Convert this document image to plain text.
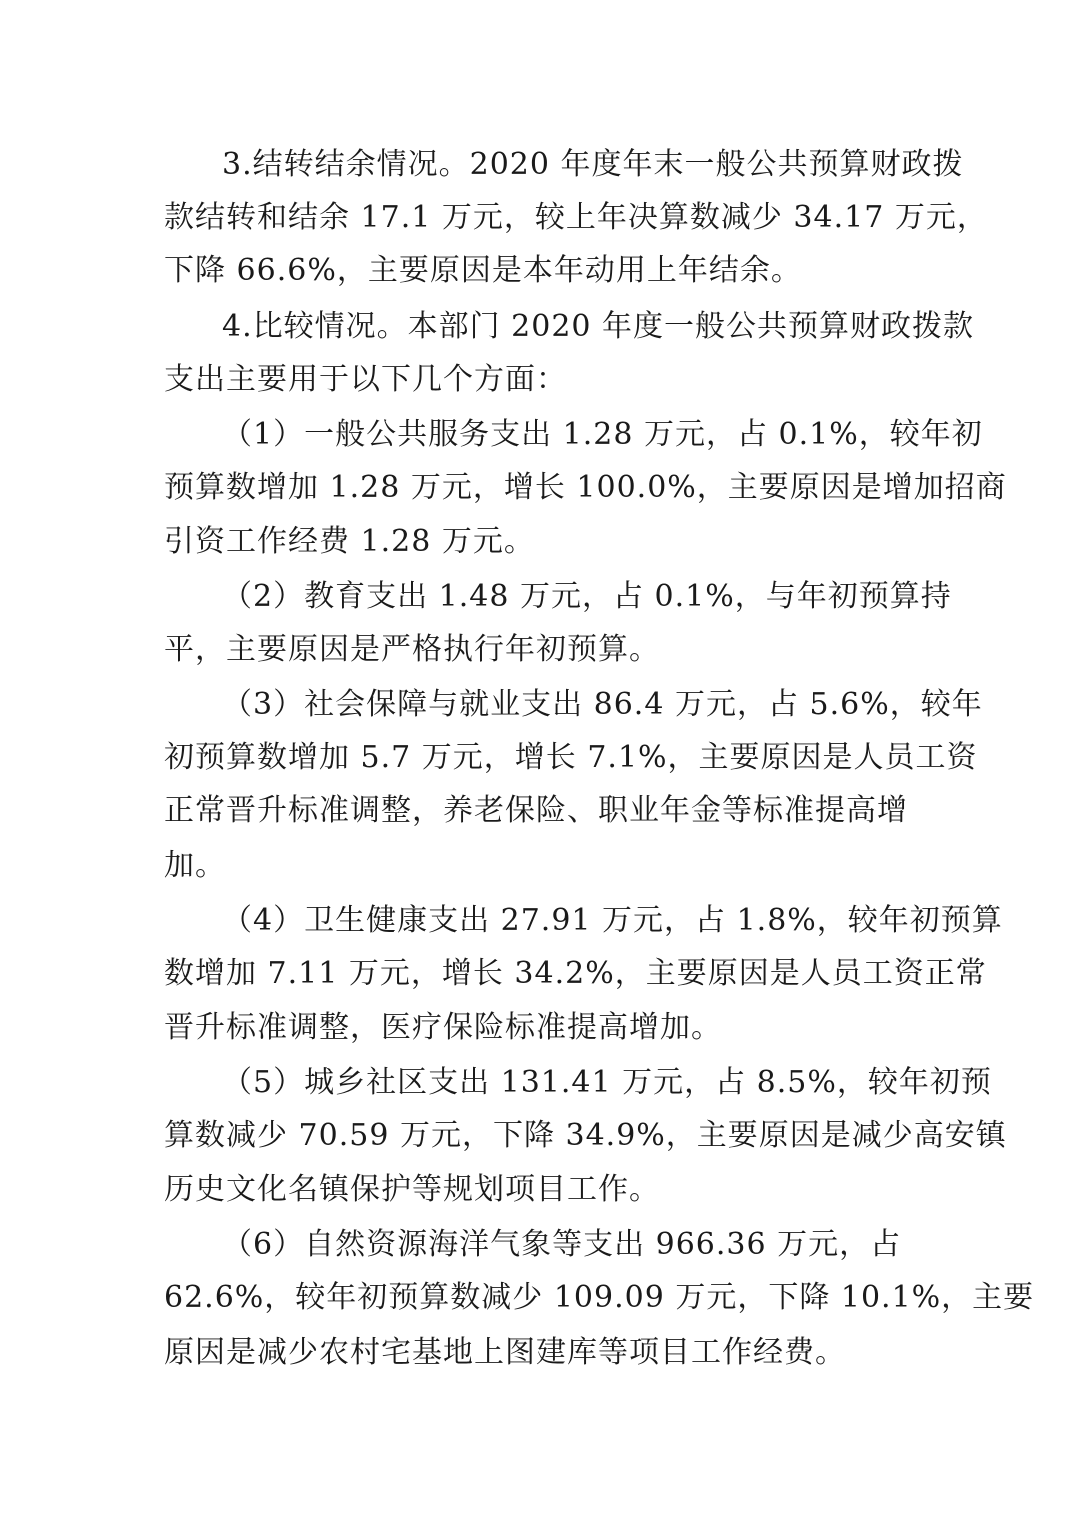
3.结转结余情况。2020 年度年末一般公共预算财政拨
款结转和结余 17.1 万元，较上年决算数减少 34.17 万元，
下降 66.6%，主要原因是本年动用上年结余。
4.比较情况。本部门 2020 年度一般公共预算财政拨款
支出主要用于以下几个方面：
（1）一般公共服务支出 1.28 万元，占 0.1%，较年初
预算数增加 1.28 万元，增长 100.0%，主要原因是增加招商
引资工作经费 1.28 万元。
（2）教育支出 1.48 万元，占 0.1%，与年初预算持
平，主要原因是严格执行年初预算。
（3）社会保障与就业支出 86.4 万元，占 5.6%，较年
初预算数增加 5.7 万元，增长 7.1%，主要原因是人员工资
正常晋升标准调整，养老保险、职业年金等标准提高增
加。
（4）卫生健康支出 27.91 万元，占 1.8%，较年初预算
数增加 7.11 万元，增长 34.2%，主要原因是人员工资正常
晋升标准调整，医疗保险标准提高增加。
（5）城乡社区支出 131.41 万元，占 8.5%，较年初预
算数减少 70.59 万元，下降 34.9%，主要原因是减少高安镇
历史文化名镇保护等规划项目工作。
（6）自然资源海洋气象等支出 966.36 万元，占
62.6%，较年初预算数减少 109.09 万元，下降 10.1%，主要
原因是减少农村宅基地上图建库等项目工作经费。
